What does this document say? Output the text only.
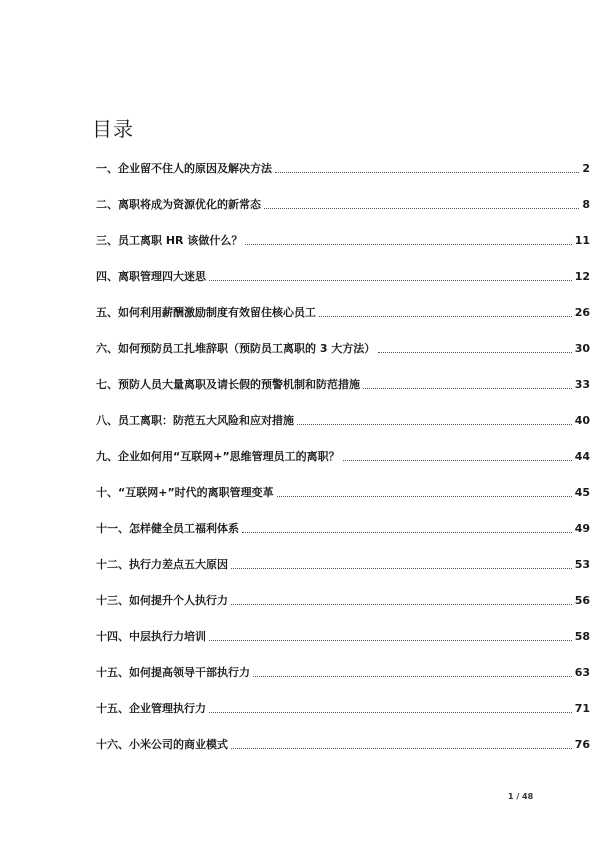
目录
一、企业留不住人的原因及解决方法	2
二、离职将成为资源优化的新常态	8
三、员工离职 HR 该做什么？	11
四、离职管理四大迷思	12
五、如何利用薪酬激励制度有效留住核心员工	26
六、如何预防员工扎堆辞职（预防员工离职的 3 大方法）	30
七、预防人员大量离职及请长假的预警机制和防范措施	33
八、员工离职：防范五大风险和应对措施	40
九、企业如何用“互联网+”思维管理员工的离职？	44
十、“互联网+”时代的离职管理变革	45
十一、怎样健全员工福利体系	49
十二、执行力差点五大原因	53
十三、如何提升个人执行力	56
十四、中层执行力培训	58
十五、如何提高领导干部执行力	63
十五、企业管理执行力	71
十六、小米公司的商业模式	76
1 / 48
